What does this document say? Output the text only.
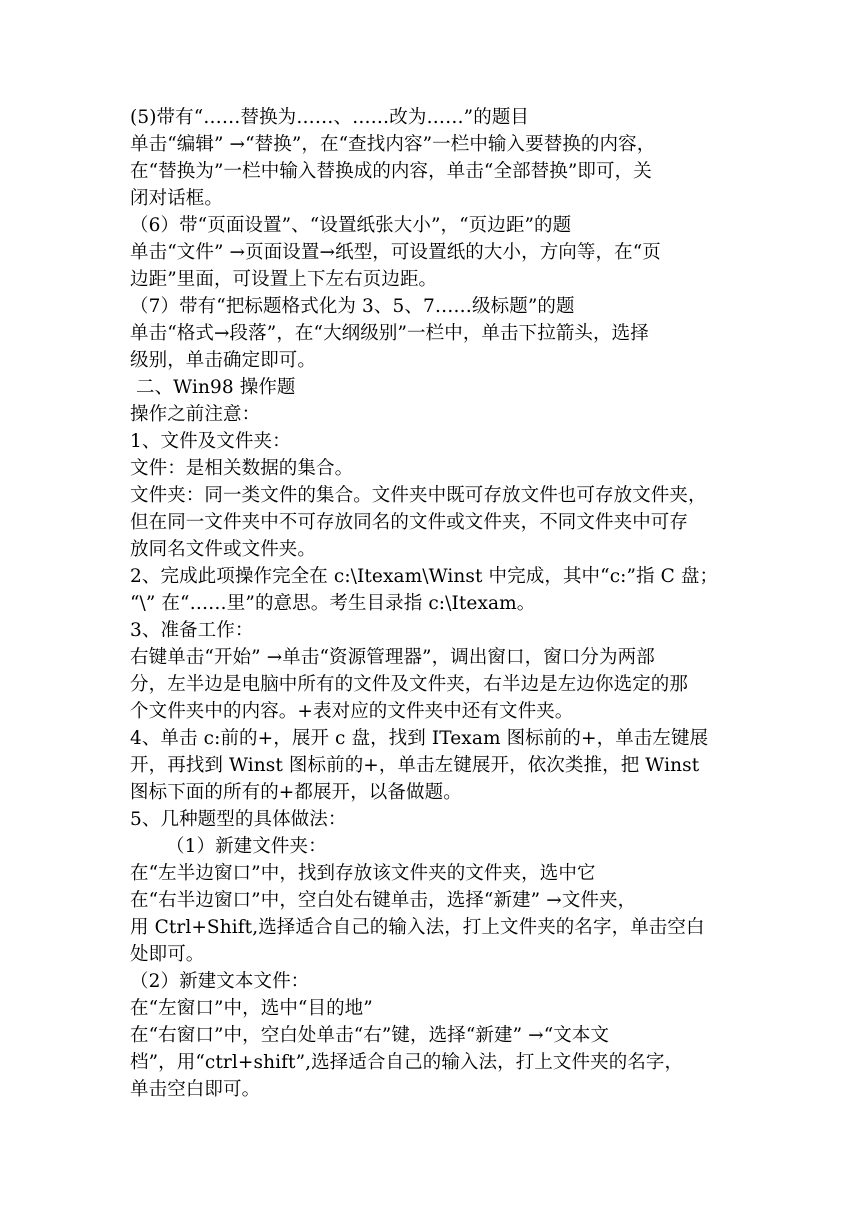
(5)带有“……替换为……、……改为……”的题目
单击“编辑” →“替换”，在“查找内容”一栏中输入要替换的内容，
在“替换为”一栏中输入替换成的内容，单击“全部替换”即可，关
闭对话框。
（6）带“页面设置”、“设置纸张大小”，“页边距”的题
单击“文件” →页面设置→纸型，可设置纸的大小，方向等，在“页
边距”里面，可设置上下左右页边距。
（7）带有“把标题格式化为 3、5、7……级标题”的题
单击“格式→段落”，在“大纲级别”一栏中，单击下拉箭头，选择
级别，单击确定即可。
二、Win98 操作题
操作之前注意：
1、文件及文件夹：
文件：是相关数据的集合。
文件夹：同一类文件的集合。文件夹中既可存放文件也可存放文件夹，
但在同一文件夹中不可存放同名的文件或文件夹，不同文件夹中可存
放同名文件或文件夹。
2、完成此项操作完全在 c:\Itexam\Winst 中完成，其中“c:”指 C 盘；
“\” 在“……里”的意思。考生目录指 c:\Itexam。
3、准备工作：
右键单击“开始” →单击“资源管理器”，调出窗口，窗口分为两部
分，左半边是电脑中所有的文件及文件夹，右半边是左边你选定的那
个文件夹中的内容。+表对应的文件夹中还有文件夹。
4、单击 c:前的+，展开 c 盘，找到 ITexam 图标前的+，单击左键展
开，再找到 Winst 图标前的+，单击左键展开，依次类推，把 Winst
图标下面的所有的+都展开，以备做题。
5、几种题型的具体做法：
（1）新建文件夹：
在“左半边窗口”中，找到存放该文件夹的文件夹，选中它
在“右半边窗口”中，空白处右键单击，选择“新建” →文件夹，
用 Ctrl+Shift,选择适合自己的输入法，打上文件夹的名字，单击空白
处即可。
（2）新建文本文件：
在“左窗口”中，选中“目的地”
在“右窗口”中，空白处单击“右”键，选择“新建” →“文本文
档”，用“ctrl+shift”,选择适合自己的输入法，打上文件夹的名字，
单击空白即可。
